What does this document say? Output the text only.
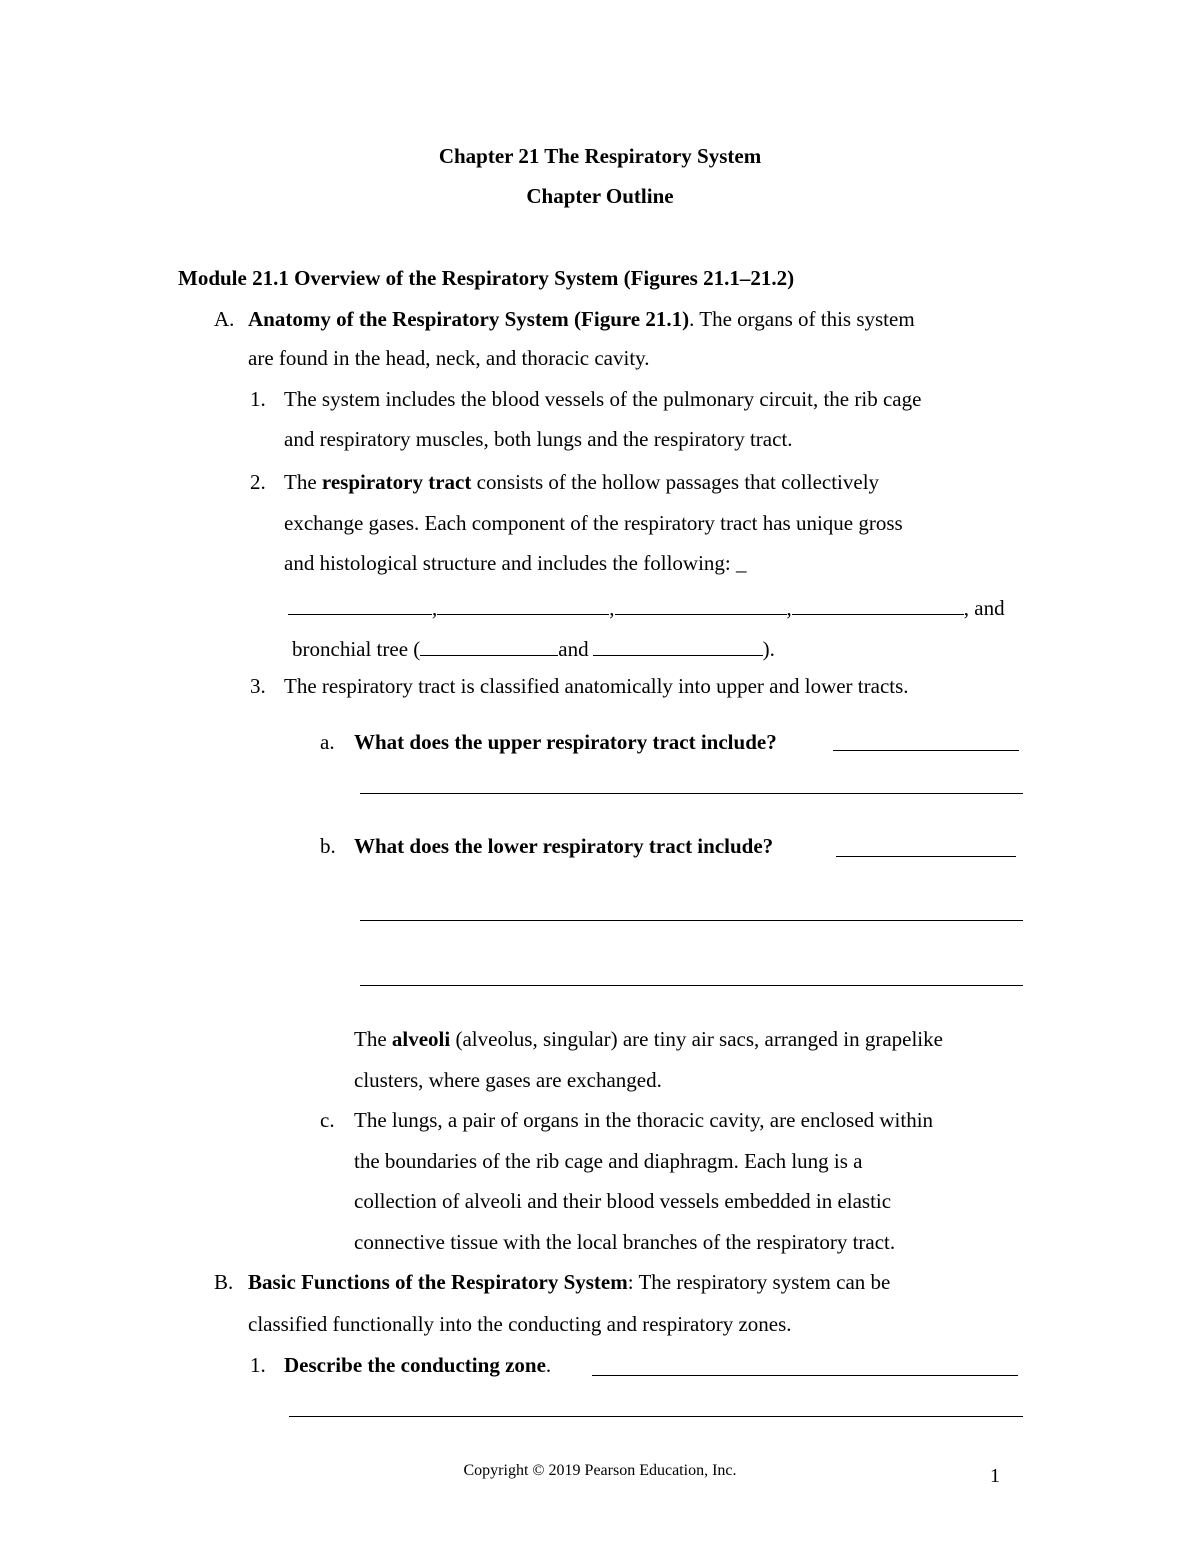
Chapter 21 The Respiratory System
Chapter Outline
Module 21.1 Overview of the Respiratory System (Figures 21.1–21.2)
A. Anatomy of the Respiratory System (Figure 21.1). The organs of this system
are found in the head, neck, and thoracic cavity.
1. The system includes the blood vessels of the pulmonary circuit, the rib cage
and respiratory muscles, both lungs and the respiratory tract.
2. The respiratory tract consists of the hollow passages that collectively
exchange gases. Each component of the respiratory tract has unique gross
and histological structure and includes the following: _
,	,	,	, and
bronchial tree (	and	).
3. The respiratory tract is classified anatomically into upper and lower tracts.
a. What does the upper respiratory tract include?
b. What does the lower respiratory tract include?
The alveoli (alveolus, singular) are tiny air sacs, arranged in grapelike
clusters, where gases are exchanged.
c. The lungs, a pair of organs in the thoracic cavity, are enclosed within
the boundaries of the rib cage and diaphragm. Each lung is a
collection of alveoli and their blood vessels embedded in elastic
connective tissue with the local branches of the respiratory tract.
B. Basic Functions of the Respiratory System: The respiratory system can be
classified functionally into the conducting and respiratory zones.
1. Describe the conducting zone.
Copyright © 2019 Pearson Education, Inc.	1
